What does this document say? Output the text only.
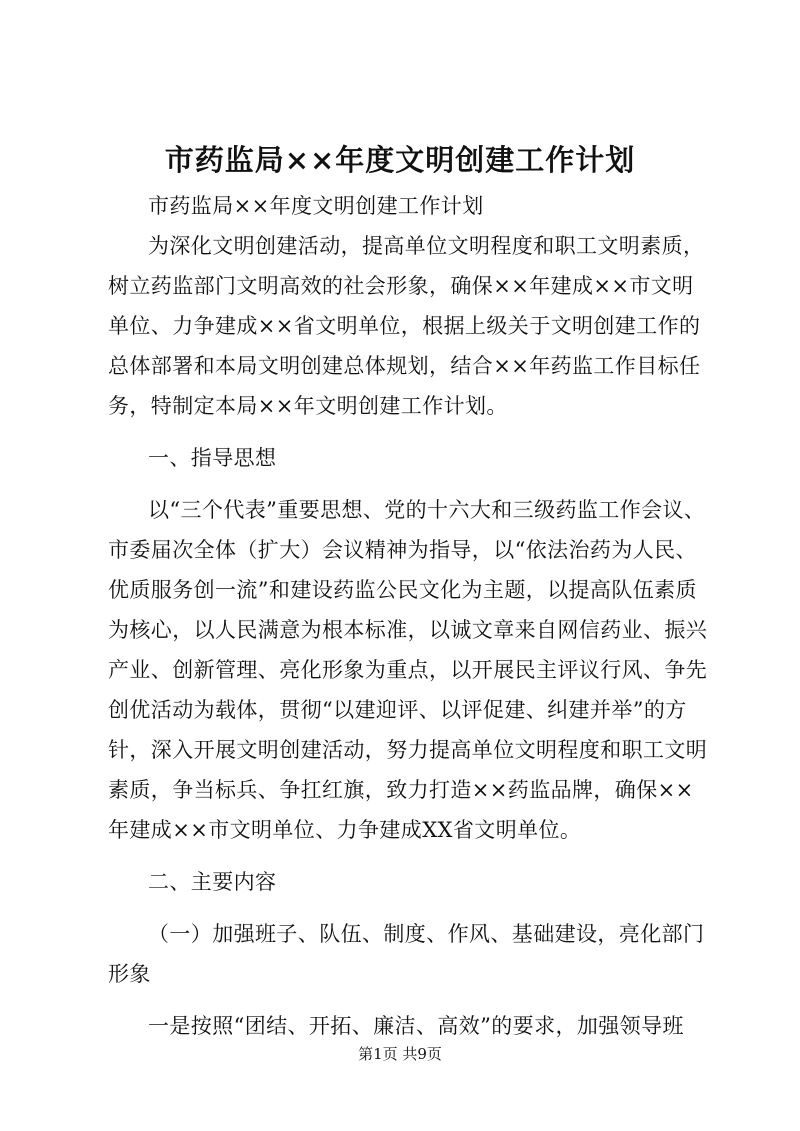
市药监局××年度文明创建工作计划
市药监局××年度文明创建工作计划
为深化文明创建活动，提高单位文明程度和职工文明素质，
树立药监部门文明高效的社会形象，确保××年建成××市文明
单位、力争建成××省文明单位，根据上级关于文明创建工作的
总体部署和本局文明创建总体规划，结合××年药监工作目标任
务，特制定本局××年文明创建工作计划。
一、指导思想
以“三个代表”重要思想、党的十六大和三级药监工作会议、
市委届次全体（扩大）会议精神为指导，以“依法治药为人民、
优质服务创一流”和建设药监公民文化为主题，以提高队伍素质
为核心，以人民满意为根本标准，以诚文章来自网信药业、振兴
产业、创新管理、亮化形象为重点，以开展民主评议行风、争先
创优活动为载体，贯彻“以建迎评、以评促建、纠建并举”的方
针，深入开展文明创建活动，努力提高单位文明程度和职工文明
素质，争当标兵、争扛红旗，致力打造××药监品牌，确保××
年建成××市文明单位、力争建成XX省文明单位。
二、主要内容
（一）加强班子、队伍、制度、作风、基础建设，亮化部门
形象
一是按照“团结、开拓、廉洁、高效”的要求，加强领导班
第1页 共9页
